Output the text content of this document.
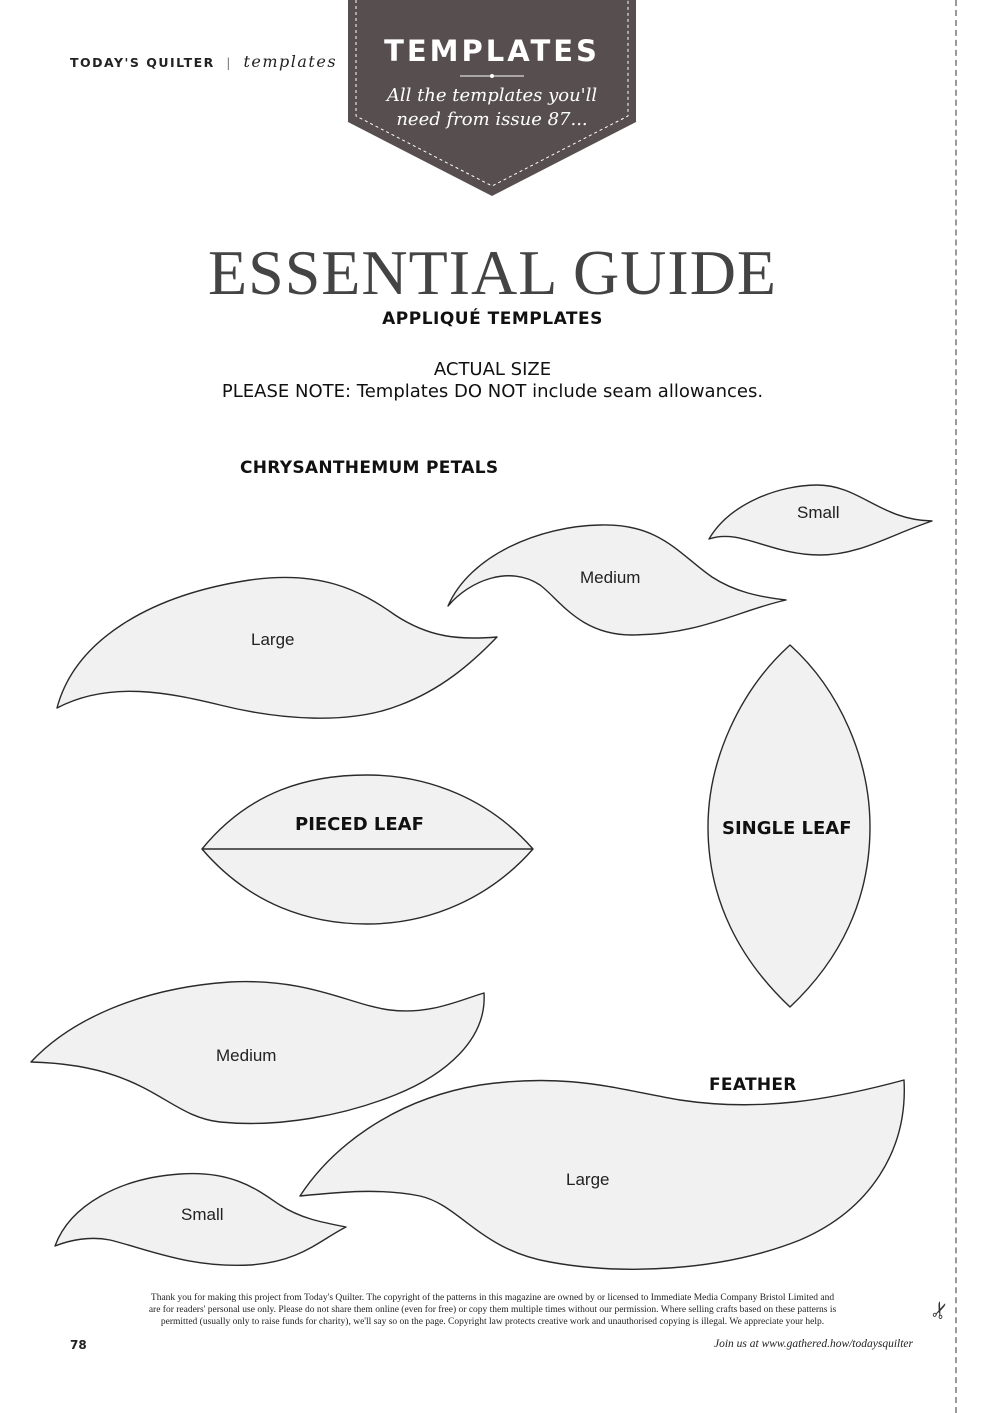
✂
TODAY'S QUILTER | templates	TEMPLATES
All the templates you'll
need from issue 87...
ESSENTIAL GUIDE
APPLIQUÉ TEMPLATES
ACTUAL SIZE
PLEASE NOTE: Templates DO NOT include seam allowances.
CHRYSANTHEMUM PETALS
FEATHER
Small
Medium
Large
PIECED LEAF	SINGLE LEAF
Medium
Large
Small
Thank you for making this project from Today's Quilter. The copyright of the patterns in this magazine are owned by or licensed to Immediate Media Company Bristol Limited and
are for readers' personal use only. Please do not share them online (even for free) or copy them multiple times without our permission. Where selling crafts based on these patterns is
permitted (usually only to raise funds for charity), we'll say so on the page. Copyright law protects creative work and unauthorised copying is illegal. We appreciate your help.
78	Join us at www.gathered.how/todaysquilter
